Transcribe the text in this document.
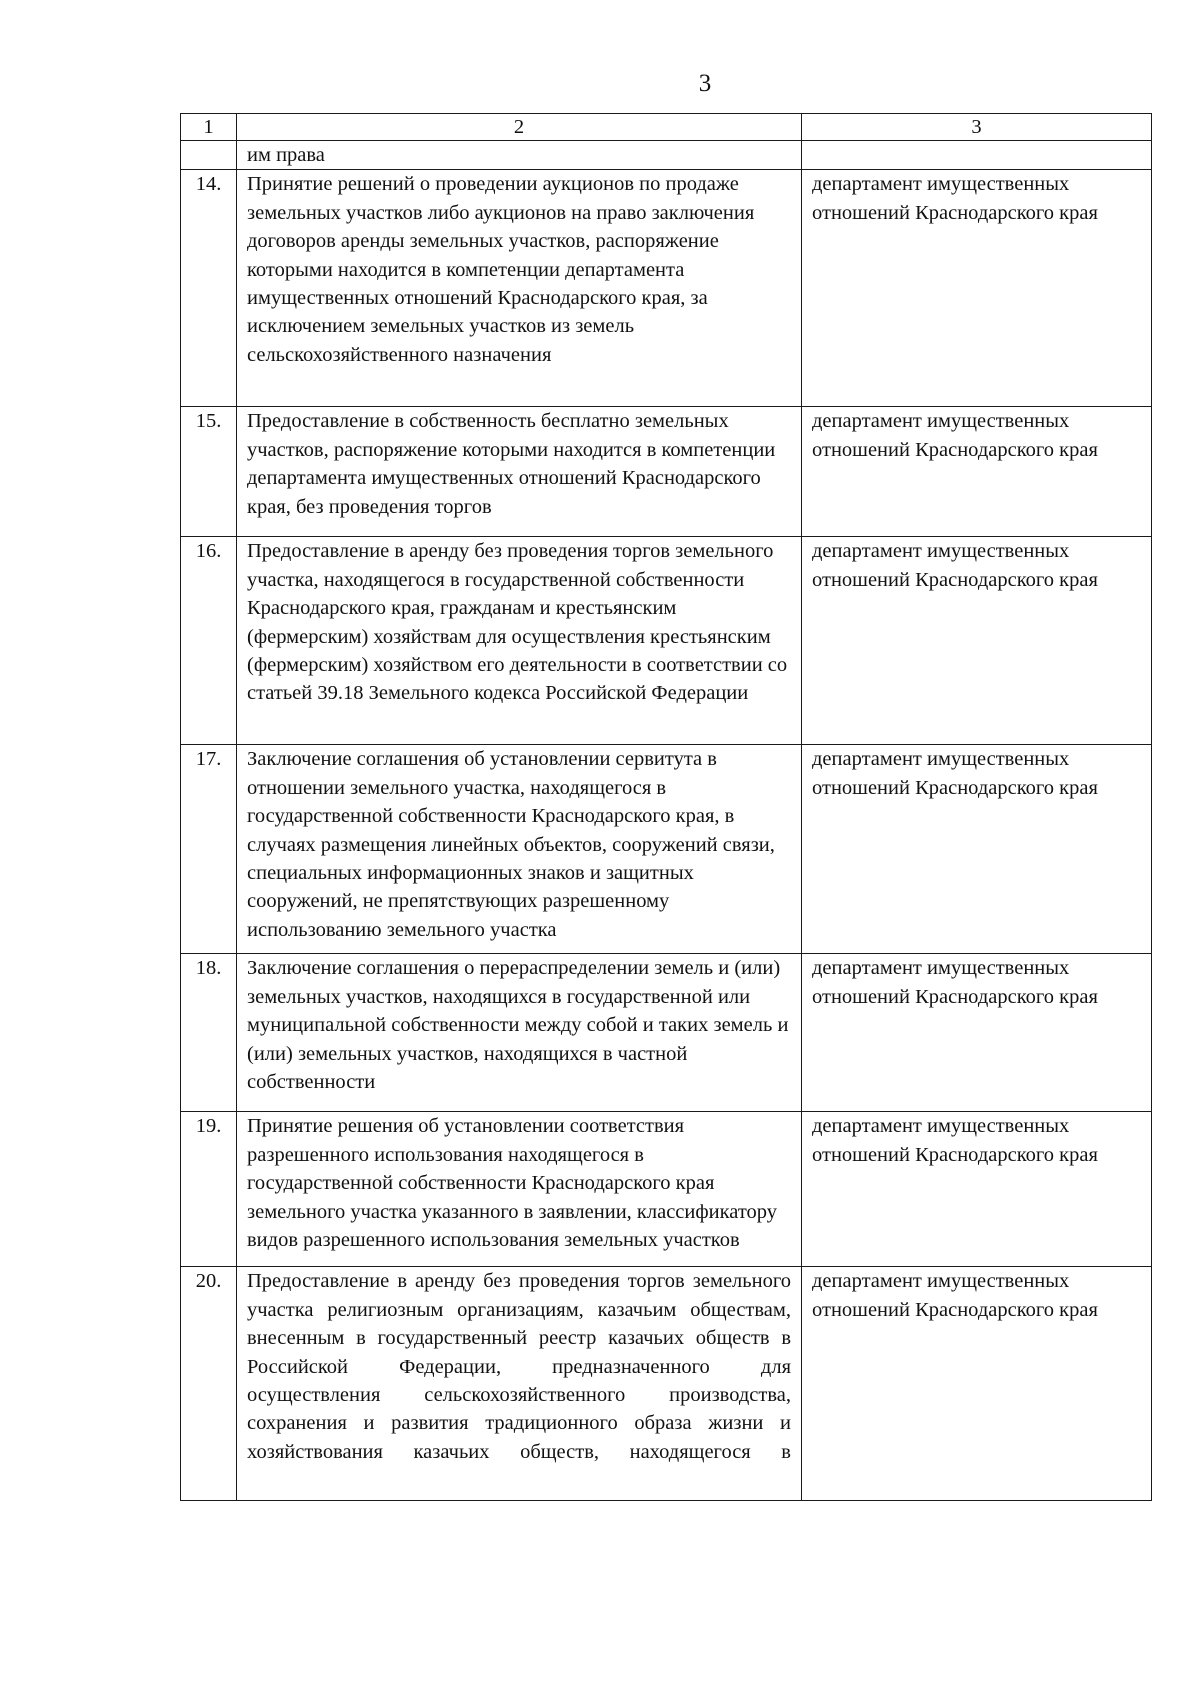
3
1	2	3
	им права	
14.	Принятие решений о проведении аукционов по продаже земельных участков либо аукционов на право заключения договоров аренды земельных участков, распоряжение которыми находится в компетенции департамента имущественных отношений Краснодарского края, за исключением земельных участков из земель сельскохозяйственного назначения	департамент имущественных отношений Краснодарского края
15.	Предоставление в собственность бесплатно земельных участков, распоряжение которыми находится в компетенции департамента имущественных отношений Краснодарского края, без проведения торгов	департамент имущественных отношений Краснодарского края
16.	Предоставление в аренду без проведения торгов земельного участка, находящегося в государственной собственности Краснодарского края, гражданам и крестьянским (фермерским) хозяйствам для осуществления крестьянским (фермерским) хозяйством его деятельности в соответствии со статьей 39.18 Земельного кодекса Российской Федерации	департамент имущественных отношений Краснодарского края
17.	Заключение соглашения об установлении сервитута в отношении земельного участка, находящегося в государственной собственности Краснодарского края, в случаях размещения линейных объектов, сооружений связи, специальных информационных знаков и защитных сооружений, не препятствующих разрешенному использованию земельного участка	департамент имущественных отношений Краснодарского края
18.	Заключение соглашения о перераспределении земель и (или) земельных участков, находящихся в государственной или муниципальной собственности между собой и таких земель и (или) земельных участков, находящихся в частной собственности	департамент имущественных отношений Краснодарского края
19.	Принятие решения об установлении соответствия разрешенного использования находящегося в государственной собственности Краснодарского края земельного участка указанного в заявлении, классификатору видов разрешенного использования земельных участков	департамент имущественных отношений Краснодарского края
20.	Предоставление в аренду без проведения торгов земельного участка религиозным организациям, казачьим обществам, внесенным в государственный реестр казачьих обществ в Российской Федерации, предназначенного для осуществления сельскохозяйственного производства, сохранения и развития традиционного образа жизни и хозяйствования казачьих обществ, находящегося в	департамент имущественных отношений Краснодарского края
